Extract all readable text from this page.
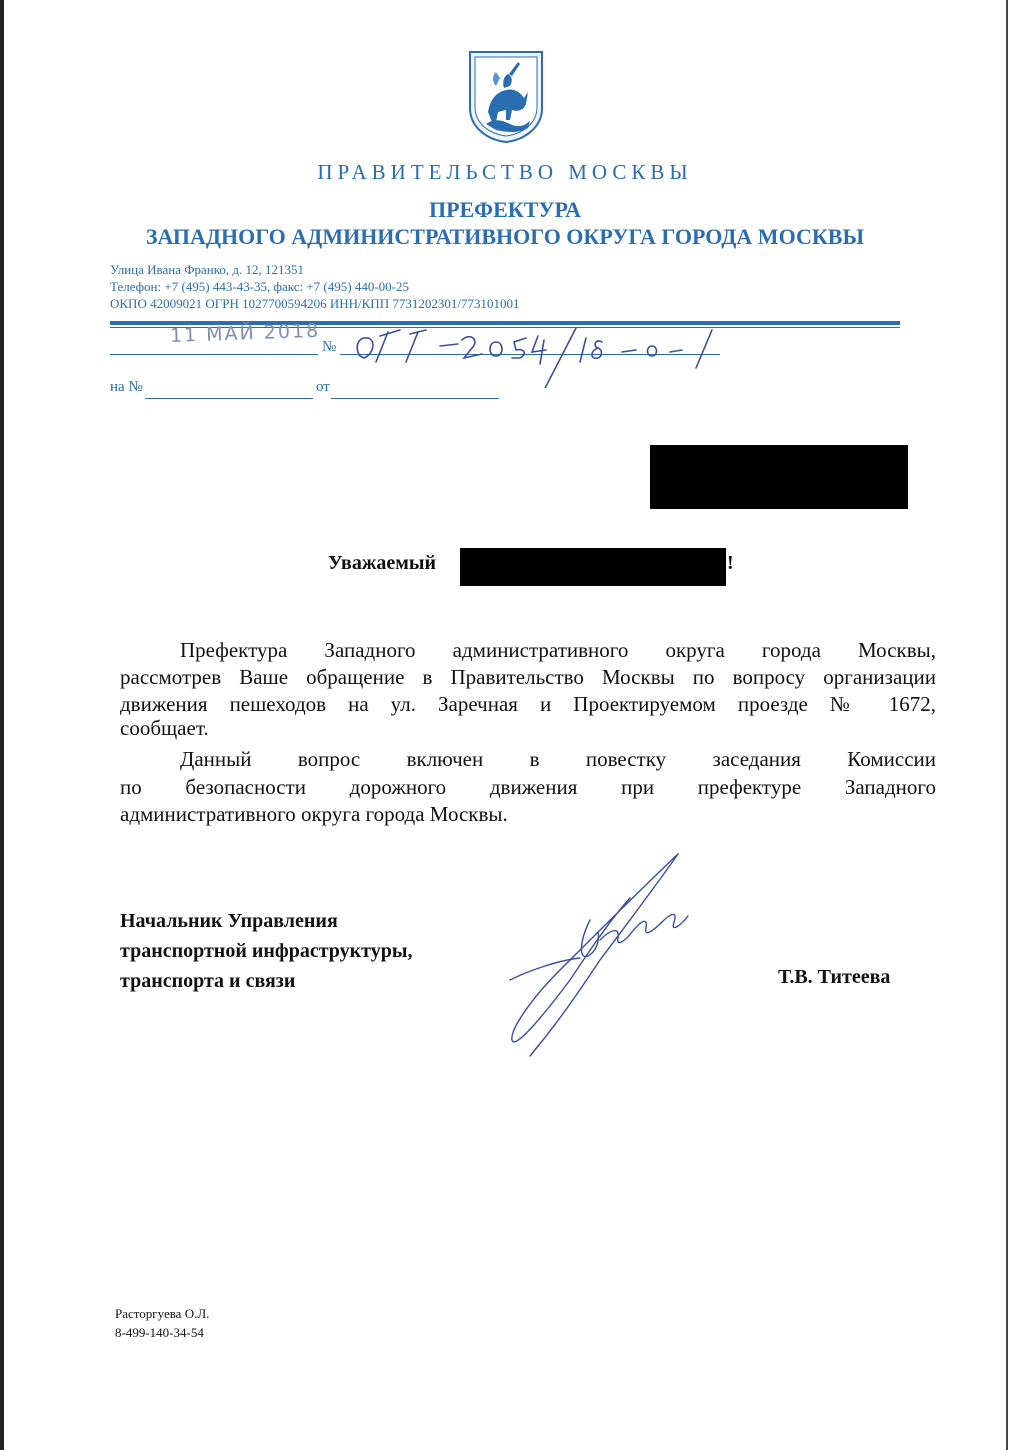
ПРАВИТЕЛЬСТВО МОСКВЫ
ПРЕФЕКТУРА
ЗАПАДНОГО АДМИНИСТРАТИВНОГО ОКРУГА ГОРОДА МОСКВЫ
Улица Ивана Франко, д. 12, 121351
Телефон: +7 (495) 443-43-35, факс: +7 (495) 440-00-25
ОКПО 42009021 ОГРН 1027700594206 ИНН/КПП 7731202301/773101001
11 МАЙ 2018
№
на №	от
Уважаемый	!
Префектура Западного административного округа города Москвы,
рассмотрев Ваше обращение в Правительство Москвы по вопросу организации
движения пешеходов на ул. Заречная и Проектируемом проезде № 1672,
сообщает.
Данный вопрос включен в повестку заседания Комиссии
по безопасности дорожного движения при префектуре Западного
административного округа города Москвы.
Начальник Управления
транспортной инфраструктуры,
транспорта и связи	Т.В. Титеева
Расторгуева О.Л.
8-499-140-34-54
